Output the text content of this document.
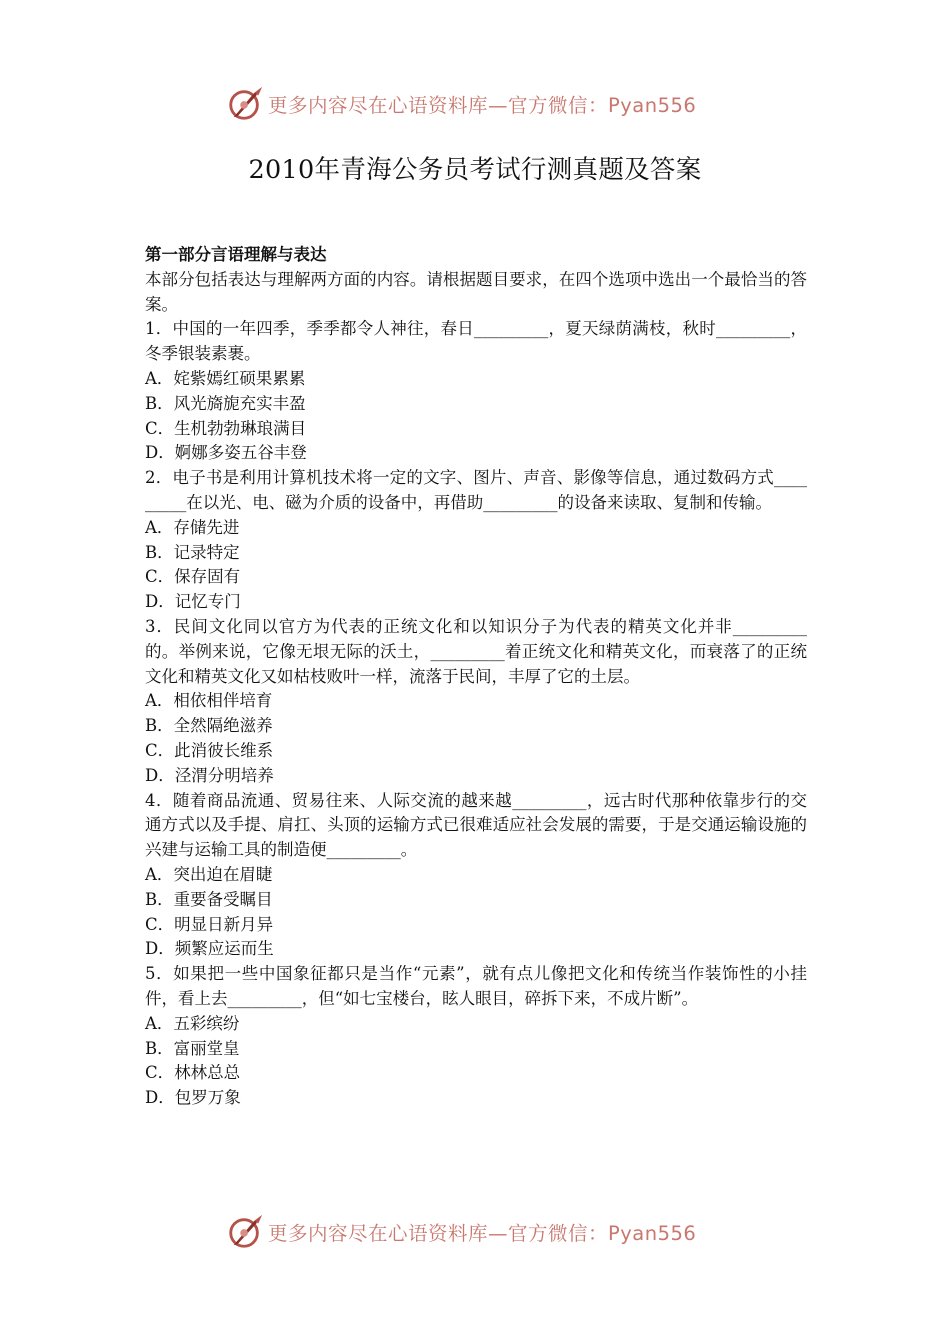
更多内容尽在心语资料库—官方微信：Pyan556
2010年青海公务员考试行测真题及答案

第一部分言语理解与表达

本部分包括表达与理解两方面的内容。请根据题目要求，在四个选项中选出一个最恰当的答案。

1．中国的一年四季，季季都令人神往，春日_________，夏天绿荫满枝，秋时_________，冬季银装素裹。

A．姹紫嫣红硕果累累

B．风光旖旎充实丰盈

C．生机勃勃琳琅满目

D．婀娜多姿五谷丰登

2．电子书是利用计算机技术将一定的文字、图片、声音、影像等信息，通过数码方式_________在以光、电、磁为介质的设备中，再借助_________的设备来读取、复制和传输。

A．存储先进

B．记录特定

C．保存固有

D．记忆专门

3．民间文化同以官方为代表的正统文化和以知识分子为代表的精英文化并非_________的。举例来说，它像无垠无际的沃土，_________着正统文化和精英文化，而衰落了的正统文化和精英文化又如枯枝败叶一样，流落于民间，丰厚了它的土层。

A．相依相伴培育

B．全然隔绝滋养

C．此消彼长维系

D．泾渭分明培养

4．随着商品流通、贸易往来、人际交流的越来越_________，远古时代那种依靠步行的交通方式以及手提、肩扛、头顶的运输方式已很难适应社会发展的需要，于是交通运输设施的兴建与运输工具的制造便_________。

A．突出迫在眉睫

B．重要备受瞩目

C．明显日新月异

D．频繁应运而生

5．如果把一些中国象征都只是当作“元素”，就有点儿像把文化和传统当作装饰性的小挂件，看上去_________，但“如七宝楼台，眩人眼目，碎拆下来，不成片断”。

A．五彩缤纷

B．富丽堂皇

C．林林总总

D．包罗万象

更多内容尽在心语资料库—官方微信：Pyan556
